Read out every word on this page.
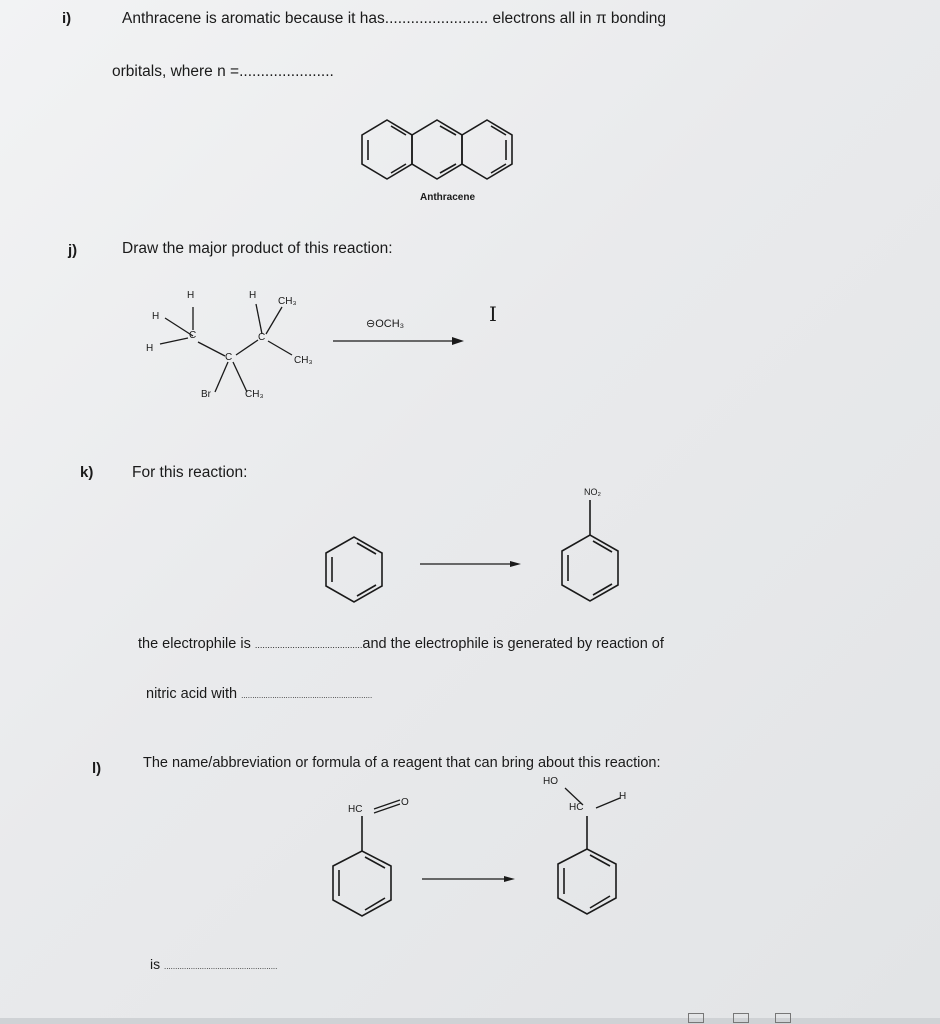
i)	Anthracene is aromatic because it has........................ electrons all in π bonding
orbitals, where n =......................
Anthracene
j)	Draw the major product of this reaction:
H	H
CH₃
H
H
C	C
C	CH₃
Br	CH₃
⊖OCH₃	I
k) For this reaction:
NO₂
the electrophile is ...........................................and the electrophile is generated by reaction of
nitric acid with ...........................................................
l)	The name/abbreviation or formula of a reagent that can bring about this reaction:
HC
O
HO
HC
H
is ...................................................
